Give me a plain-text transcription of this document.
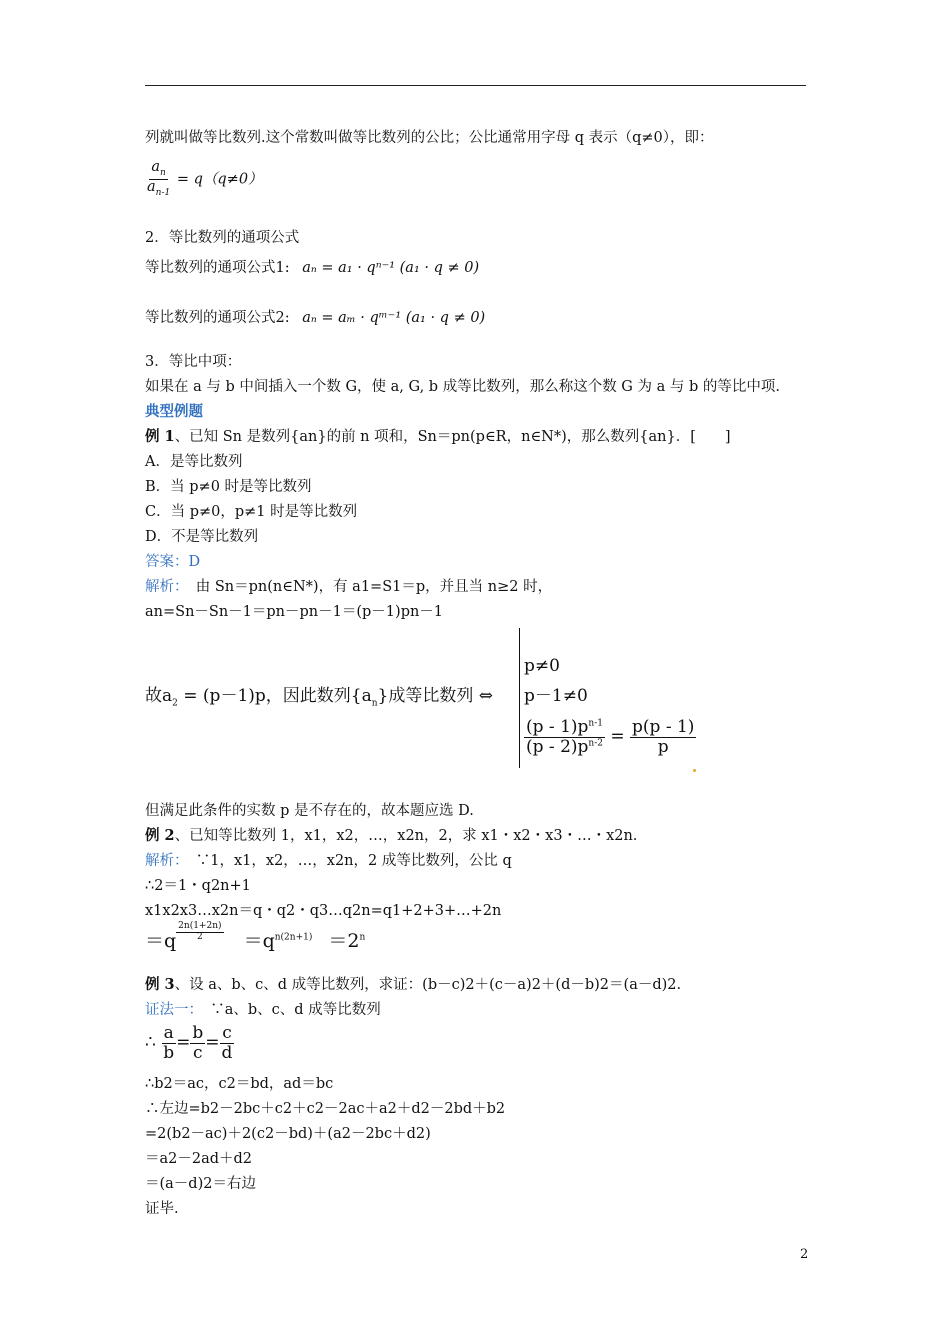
列就叫做等比数列.这个常数叫做等比数列的公比；公比通常用字母 q 表示（q≠0），即：
$\frac{a_n}{a_{n-1}} = q(q\ne 0)$
2．等比数列的通项公式
等比数列的通项公式1: aₙ = a₁ · qⁿ⁻¹ (a₁ · q ≠ 0)
等比数列的通项公式2: aₙ = aₘ · qᵐ⁻¹ (a₁ · q ≠ 0)
3．等比中项：
如果在 a 与 b 中间插入一个数 G，使 a, G, b 成等比数列，那么称这个数 G 为 a 与 b 的等比中项.
典型例题
例 1、已知 Sn 是数列{an}的前 n 项和，Sn＝pn(p∈R，n∈N*)，那么数列{an}．[　　]
A．是等比数列
B．当 p≠0 时是等比数列
C．当 p≠0，p≠1 时是等比数列
D．不是等比数列
答案：D
解析：　由 Sn＝pn(n∈N*)，有 a1=S1＝p，并且当 n≥2 时，
an=Sn－Sn－1＝pn－pn－1＝(p－1)pn－1
故$a_2 = (p-1)p$，因此数列$\{a_n\}$成等比数列 ⇔
p≠0
p－1≠0
$\frac{(p - 1)p^{n-1}}{(p - 2)p^{n-2}} = \frac{p(p - 1)}{p}$
但满足此条件的实数 p 是不存在的，故本题应选 D.
例 2、已知等比数列 1，x1，x2，…，x2n，2，求 x1・x2・x3・…・x2n.
解析：　∵1，x1，x2，…，x2n，2 成等比数列，公比 q
∴2＝1・q2n+1
x1x2x3…x2n＝q・q2・q3…q2n=q1+2+3+…+2n
$=q \frac{2n(1+2n)}{2} =q^{n(2n+1)} =2^n$
例 3、设 a、b、c、d 成等比数列，求证：(b－c)2＋(c－a)2＋(d－b)2＝(a－d)2.
证法一：　∵a、b、c、d 成等比数列
∴ $\frac{a}{b} = \frac{b}{c} = \frac{c}{d}$
∴b2＝ac，c2＝bd，ad＝bc
∴左边=b2－2bc＋c2＋c2－2ac＋a2＋d2－2bd＋b2
=2(b2－ac)＋2(c2－bd)＋(a2－2bc＋d2)
＝a2－2ad＋d2
＝(a－d)2＝右边
证毕.
2
